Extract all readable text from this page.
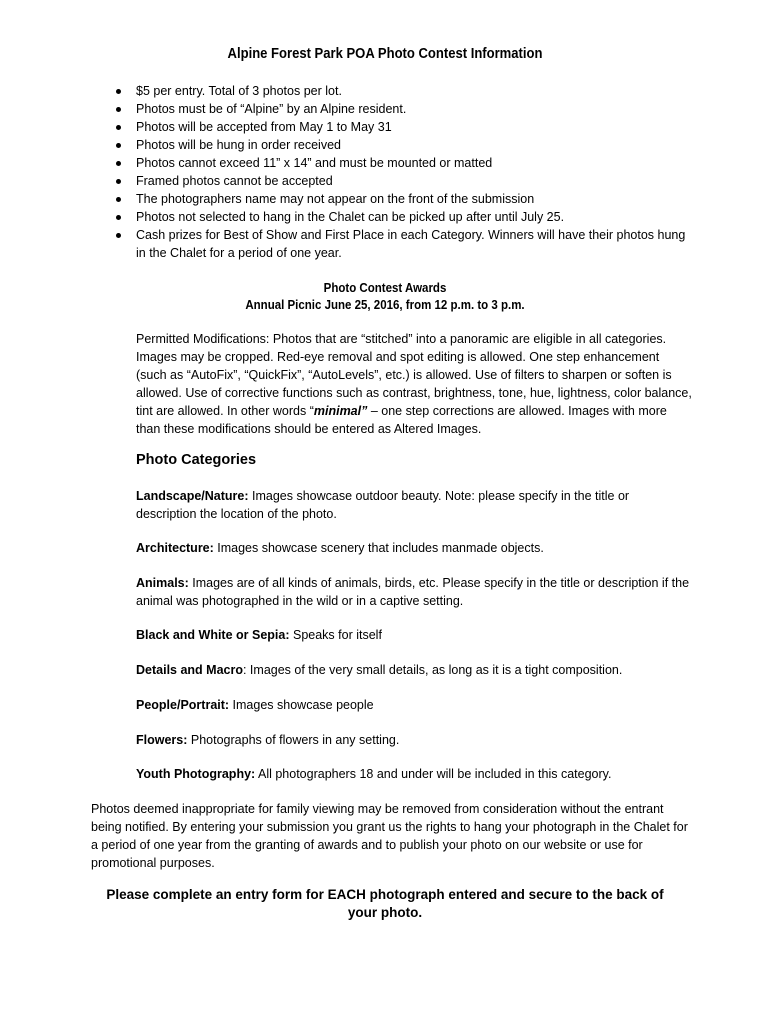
Alpine Forest Park POA Photo Contest Information
$5 per entry. Total of 3 photos per lot.
Photos must be of “Alpine” by an Alpine resident.
Photos will be accepted from May 1 to May 31
Photos will be hung in order received
Photos cannot exceed 11” x 14” and must be mounted or matted
Framed photos cannot be accepted
The photographers name may not appear on the front of the submission
Photos not selected to hang in the Chalet can be picked up after until July 25.
Cash prizes for Best of Show and First Place in each Category. Winners will have their photos hung in the Chalet for a period of one year.
Photo Contest Awards
Annual Picnic June 25, 2016, from 12 p.m. to 3 p.m.

Permitted Modifications: Photos that are “stitched” into a panoramic are eligible in all categories. Images may be cropped. Red-eye removal and spot editing is allowed. One step enhancement (such as “AutoFix”, “QuickFix”, “AutoLevels”, etc.) is allowed. Use of filters to sharpen or soften is allowed. Use of corrective functions such as contrast, brightness, tone, hue, lightness, color balance, tint are allowed. In other words “minimal” – one step corrections are allowed. Images with more than these modifications should be entered as Altered Images.

Photo Categories

Landscape/Nature: Images showcase outdoor beauty. Note: please specify in the title or description the location of the photo.

Architecture: Images showcase scenery that includes manmade objects.

Animals: Images are of all kinds of animals, birds, etc. Please specify in the title or description if the animal was photographed in the wild or in a captive setting.

Black and White or Sepia: Speaks for itself

Details and Macro: Images of the very small details, as long as it is a tight composition.

People/Portrait: Images showcase people

Flowers: Photographs of flowers in any setting.

Youth Photography: All photographers 18 and under will be included in this category.

Photos deemed inappropriate for family viewing may be removed from consideration without the entrant being notified. By entering your submission you grant us the rights to hang your photograph in the Chalet for a period of one year from the granting of awards and to publish your photo on our website or use for promotional purposes.

Please complete an entry form for EACH photograph entered and secure to the back of
your photo.
